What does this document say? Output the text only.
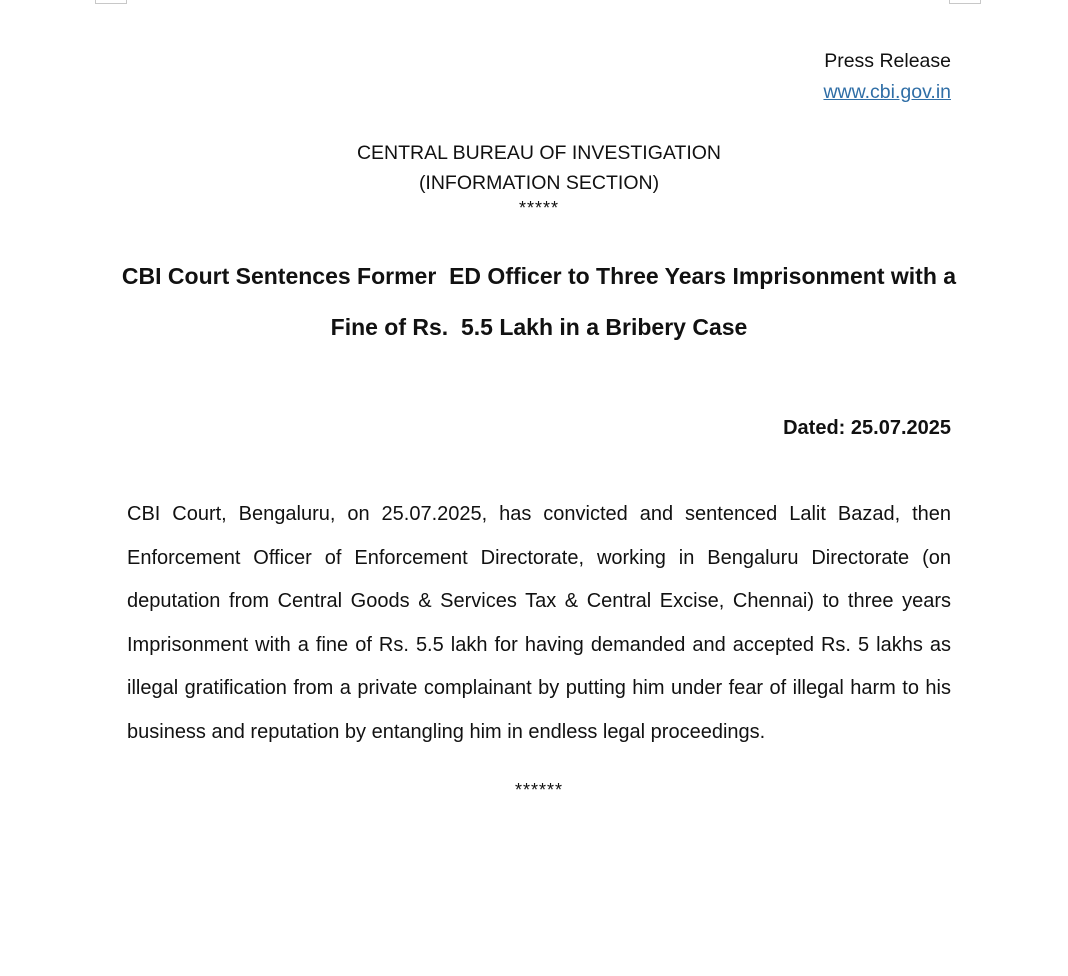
Press Release
www.cbi.gov.in
CENTRAL BUREAU OF INVESTIGATION
(INFORMATION SECTION)
*****
CBI Court Sentences Former  ED Officer to Three Years Imprisonment with a
Fine of Rs.  5.5 Lakh in a Bribery Case
Dated: 25.07.2025

CBI Court, Bengaluru, on 25.07.2025, has convicted and sentenced Lalit Bazad, then Enforcement Officer of Enforcement Directorate, working in Bengaluru Directorate (on deputation from Central Goods & Services Tax & Central Excise, Chennai) to three years Imprisonment with a fine of Rs. 5.5 lakh for having demanded and accepted Rs. 5 lakhs as illegal gratification from a private complainant by putting him under fear of illegal harm to his business and reputation by entangling him in endless legal proceedings.

******
